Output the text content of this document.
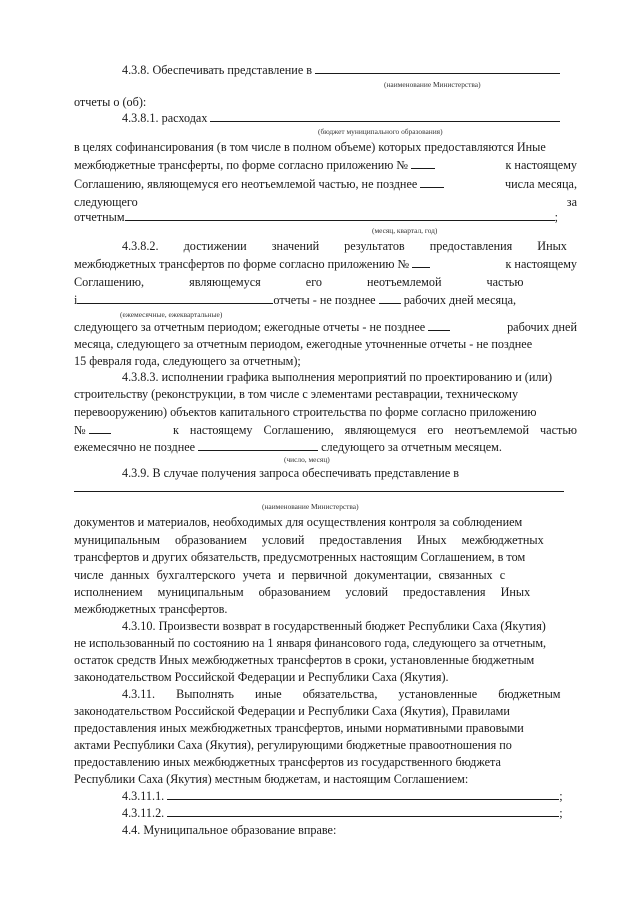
4.3.8. Обеспечивать представление в
(наименование Министерства)
отчеты о (об):
4.3.8.1. расходах
(бюджет муниципального образования)
в целях софинансирования (в том числе в полном объеме) которых предоставляются Иные
межбюджетные трансферты, по форме согласно приложению №	к настоящему
Соглашению, являющемуся его неотъемлемой частью, не позднее	числа месяца,
следующего	за
отчетным	;
(месяц, квартал, год)
4.3.8.2. достижении значений результатов предоставления Иных
межбюджетных трансфертов по форме согласно приложению №	к настоящему
Соглашению, являющемуся его неотъемлемой частью
i	отчеты - не позднее рабочих дней месяца,
(ежемесячные, ежеквартальные)
следующего за отчетным периодом; ежегодные отчеты - не позднее	рабочих дней
месяца, следующего за отчетным периодом, ежегодные уточненные отчеты - не позднее
15 февраля года, следующего за отчетным);
4.3.8.3. исполнении графика выполнения мероприятий по проектированию и (или)
строительству (реконструкции, в том числе с элементами реставрации, техническому
перевооружению) объектов капитального строительства по форме согласно приложению
№	к настоящему Соглашению, являющемуся его неотъемлемой частью
ежемесячно не позднее	следующего за отчетным месяцем.
(число, месяц)
4.3.9. В случае получения запроса обеспечивать представление в
(наименование Министерства)
документов и материалов, необходимых для осуществления контроля за соблюдением
муниципальным образованием условий предоставления Иных межбюджетных
трансфертов и других обязательств, предусмотренных настоящим Соглашением, в том
числе данных бухгалтерского учета и первичной документации, связанных с
исполнением муниципальным образованием условий предоставления Иных
межбюджетных трансфертов.
4.3.10. Произвести возврат в государственный бюджет Республики Саха (Якутия)
не использованный по состоянию на 1 января финансового года, следующего за отчетным,
остаток средств Иных межбюджетных трансфертов в сроки, установленные бюджетным
законодательством Российской Федерации и Республики Саха (Якутия).
4.3.11. Выполнять иные обязательства, установленные бюджетным
законодательством Российской Федерации и Республики Саха (Якутия), Правилами
предоставления иных межбюджетных трансфертов, иными нормативными правовыми
актами Республики Саха (Якутия), регулирующими бюджетные правоотношения по
предоставлению иных межбюджетных трансфертов из государственного бюджета
Республики Саха (Якутия) местным бюджетам, и настоящим Соглашением:
4.3.11.1.	;
4.3.11.2.	;
4.4. Муниципальное образование вправе:
